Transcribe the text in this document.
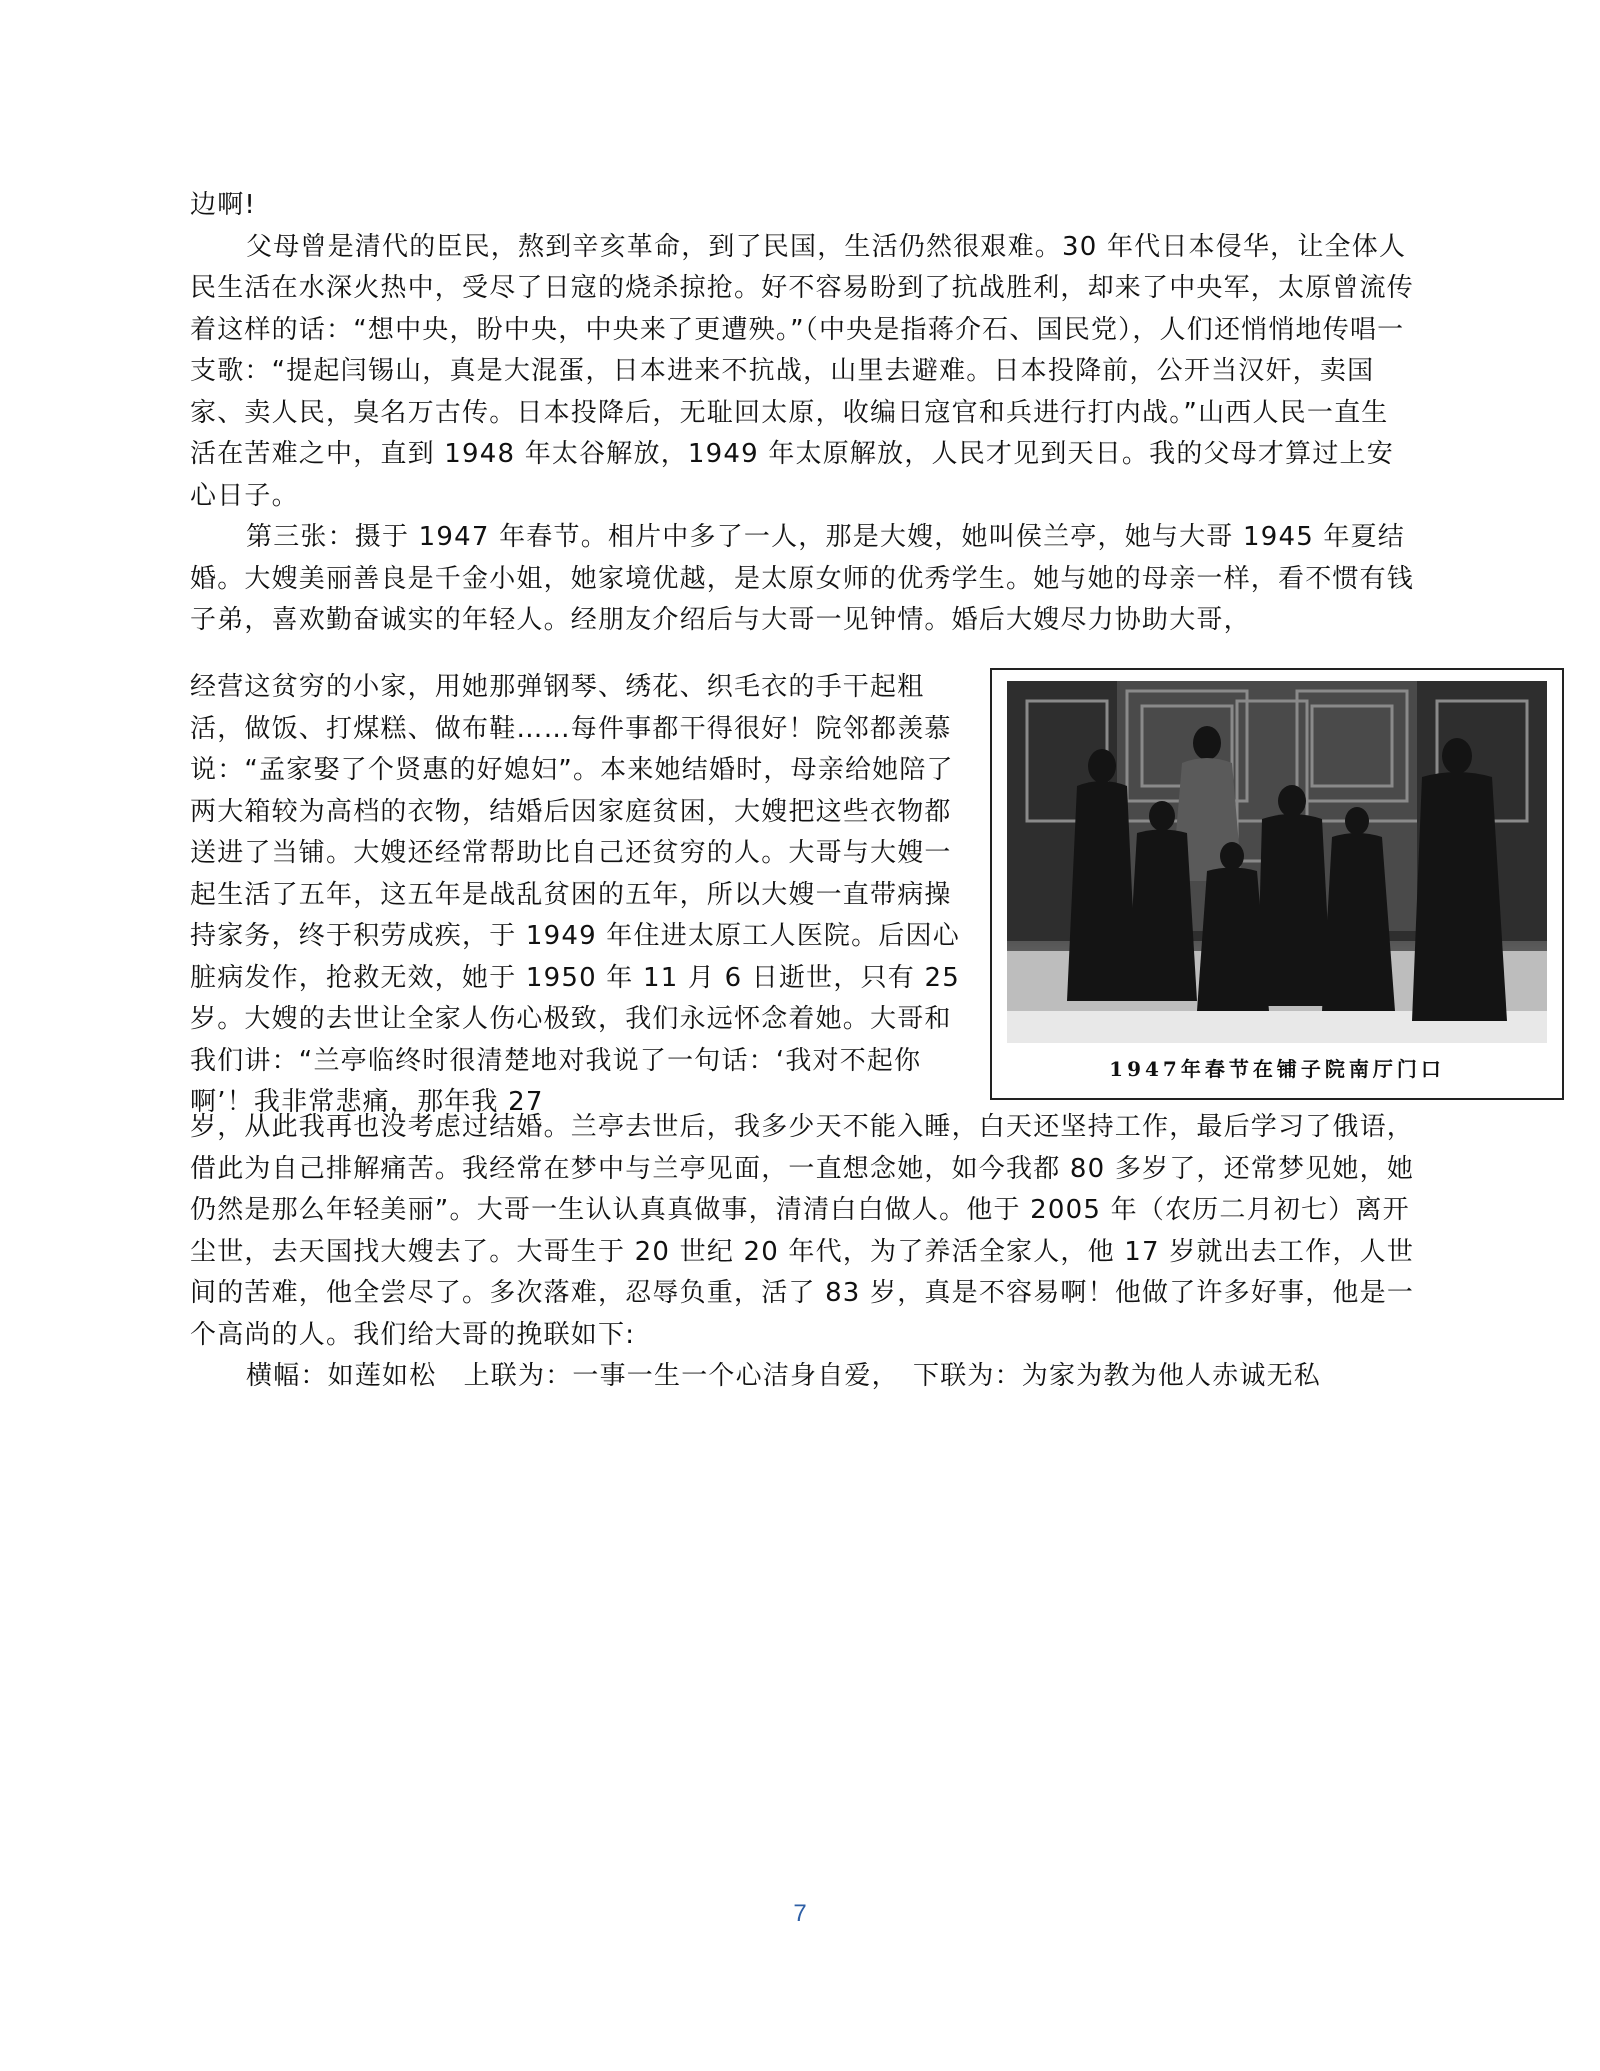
边啊!

父母曾是清代的臣民，熬到辛亥革命，到了民国，生活仍然很艰难。30 年代日本侵华，让全体人民生活在水深火热中，受尽了日寇的烧杀掠抢。好不容易盼到了抗战胜利，却来了中央军，太原曾流传着这样的话：“想中央，盼中央，中央来了更遭殃。”（中央是指蒋介石、国民党），人们还悄悄地传唱一支歌：“提起闫锡山，真是大混蛋，日本进来不抗战，山里去避难。日本投降前，公开当汉奸，卖国家、卖人民，臭名万古传。日本投降后，无耻回太原，收编日寇官和兵进行打内战。”山西人民一直生活在苦难之中，直到 1948 年太谷解放，1949 年太原解放，人民才见到天日。我的父母才算过上安心日子。

第三张：摄于 1947 年春节。相片中多了一人，那是大嫂，她叫侯兰亭，她与大哥 1945 年夏结婚。大嫂美丽善良是千金小姐，她家境优越，是太原女师的优秀学生。她与她的母亲一样，看不惯有钱子弟，喜欢勤奋诚实的年轻人。经朋友介绍后与大哥一见钟情。婚后大嫂尽力协助大哥，

经营这贫穷的小家，用她那弹钢琴、绣花、织毛衣的手干起粗活，做饭、打煤糕、做布鞋……每件事都干得很好！院邻都羡慕说：“孟家娶了个贤惠的好媳妇”。本来她结婚时，母亲给她陪了两大箱较为高档的衣物，结婚后因家庭贫困，大嫂把这些衣物都送进了当铺。大嫂还经常帮助比自己还贫穷的人。大哥与大嫂一起生活了五年，这五年是战乱贫困的五年，所以大嫂一直带病操持家务，终于积劳成疾，于 1949 年住进太原工人医院。后因心脏病发作，抢救无效，她于 1950 年 11 月 6 日逝世，只有 25 岁。大嫂的去世让全家人伤心极致，我们永远怀念着她。大哥和我们讲：“兰亭临终时很清楚地对我说了一句话：‘我对不起你啊’！我非常悲痛，那年我 27

1947年春节在铺子院南厅门口

岁，从此我再也没考虑过结婚。兰亭去世后，我多少天不能入睡，白天还坚持工作，最后学习了俄语，借此为自己排解痛苦。我经常在梦中与兰亭见面，一直想念她，如今我都 80 多岁了，还常梦见她，她仍然是那么年轻美丽”。大哥一生认认真真做事，清清白白做人。他于 2005 年（农历二月初七）离开尘世，去天国找大嫂去了。大哥生于 20 世纪 20 年代，为了养活全家人，他 17 岁就出去工作，人世间的苦难，他全尝尽了。多次落难，忍辱负重，活了 83 岁，真是不容易啊！他做了许多好事，他是一个高尚的人。我们给大哥的挽联如下:

横幅：如莲如松　上联为：一事一生一个心洁身自爱，　下联为：为家为教为他人赤诚无私

7
